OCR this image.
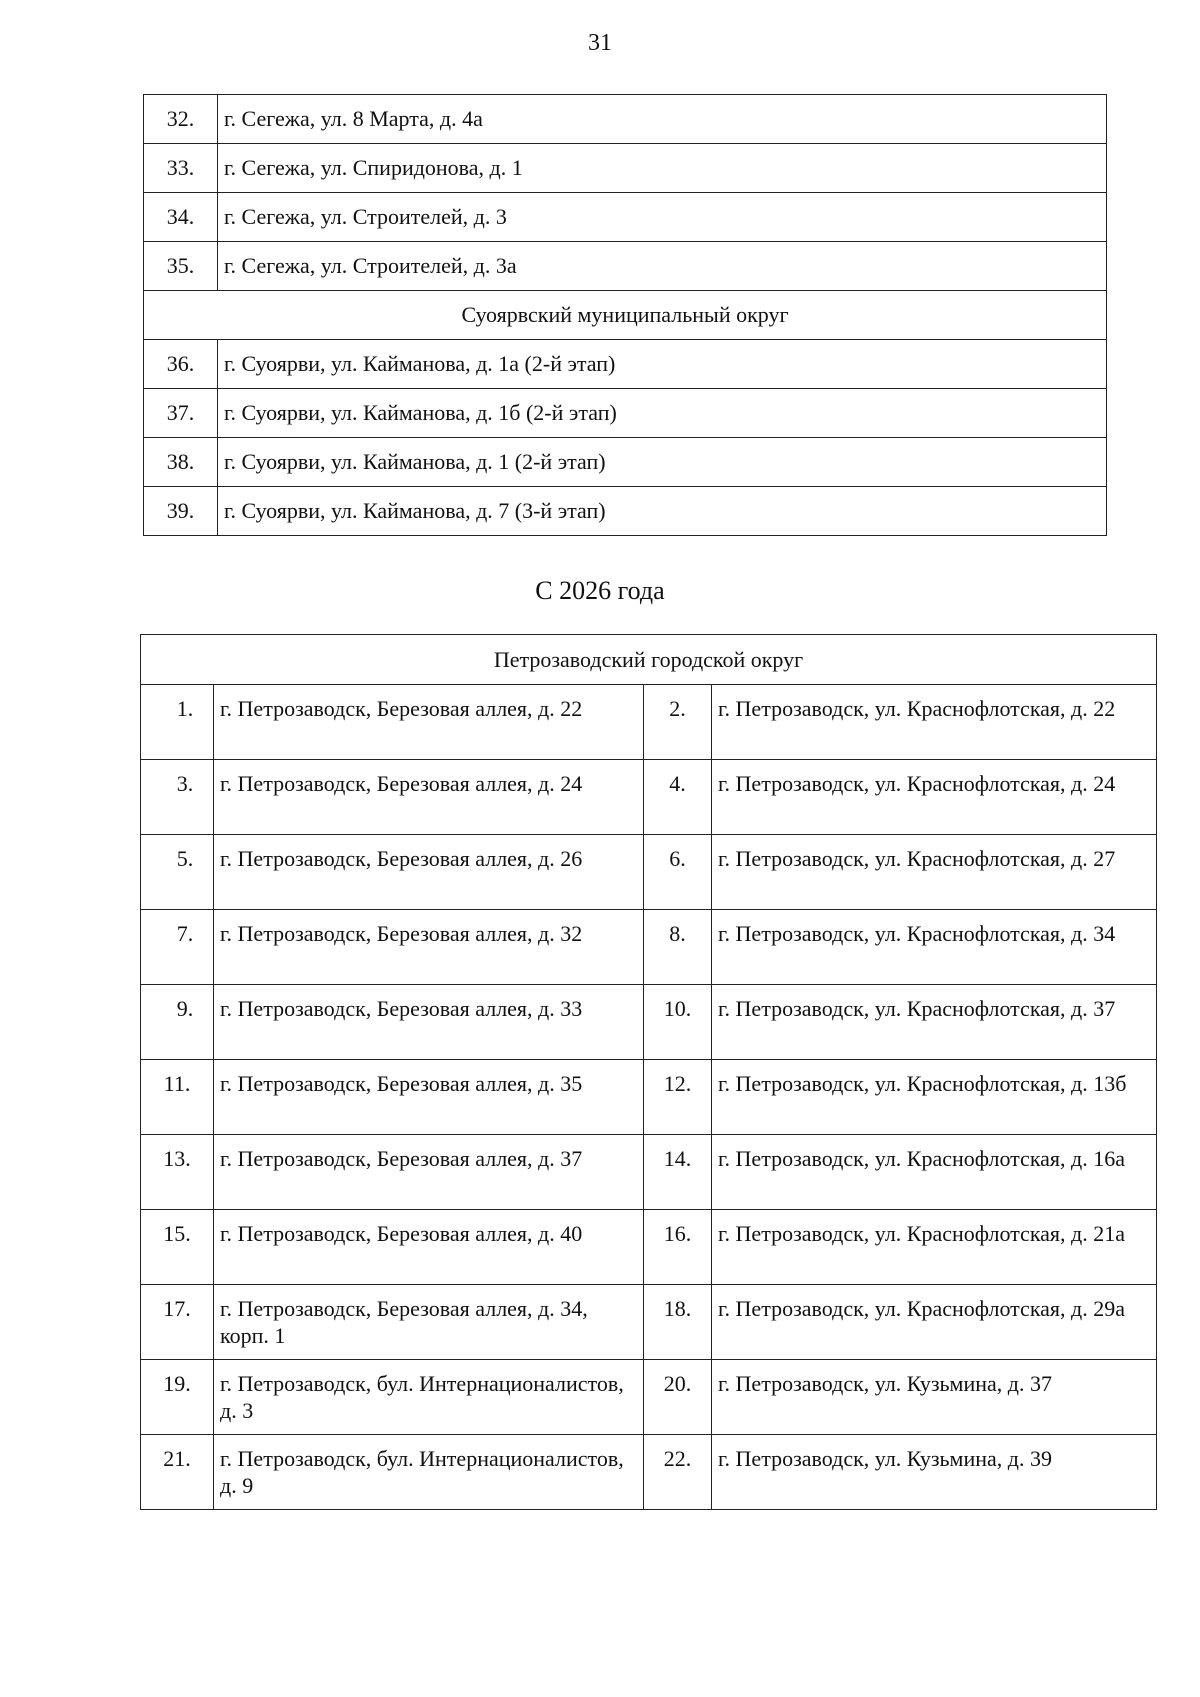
31
32.	г. Сегежа, ул. 8 Марта, д. 4а
33.	г. Сегежа, ул. Спиридонова, д. 1
34.	г. Сегежа, ул. Строителей, д. 3
35.	г. Сегежа, ул. Строителей, д. 3а
Суоярвский муниципальный округ	
36.	г. Суоярви, ул. Кайманова, д. 1а (2-й этап)
37.	г. Суоярви, ул. Кайманова, д. 1б (2-й этап)
38.	г. Суоярви, ул. Кайманова, д. 1 (2-й этап)
39.	г. Суоярви, ул. Кайманова, д. 7 (3-й этап)
С 2026 года
Петрозаводский городской округ			
1.	г. Петрозаводск, Березовая аллея, д. 22	2.	г. Петрозаводск, ул. Краснофлотская, д. 22
3.	г. Петрозаводск, Березовая аллея, д. 24	4.	г. Петрозаводск, ул. Краснофлотская, д. 24
5.	г. Петрозаводск, Березовая аллея, д. 26	6.	г. Петрозаводск, ул. Краснофлотская, д. 27
7.	г. Петрозаводск, Березовая аллея, д. 32	8.	г. Петрозаводск, ул. Краснофлотская, д. 34
9.	г. Петрозаводск, Березовая аллея, д. 33	10.	г. Петрозаводск, ул. Краснофлотская, д. 37
11.	г. Петрозаводск, Березовая аллея, д. 35	12.	г. Петрозаводск, ул. Краснофлотская, д. 13б
13.	г. Петрозаводск, Березовая аллея, д. 37	14.	г. Петрозаводск, ул. Краснофлотская, д. 16а
15.	г. Петрозаводск, Березовая аллея, д. 40	16.	г. Петрозаводск, ул. Краснофлотская, д. 21а
17.	г. Петрозаводск, Березовая аллея, д. 34, корп. 1	18.	г. Петрозаводск, ул. Краснофлотская, д. 29а
19.	г. Петрозаводск, бул. Интернационалистов, д. 3	20.	г. Петрозаводск, ул. Кузьмина, д. 37
21.	г. Петрозаводск, бул. Интернационалистов, д. 9	22.	г. Петрозаводск, ул. Кузьмина, д. 39
